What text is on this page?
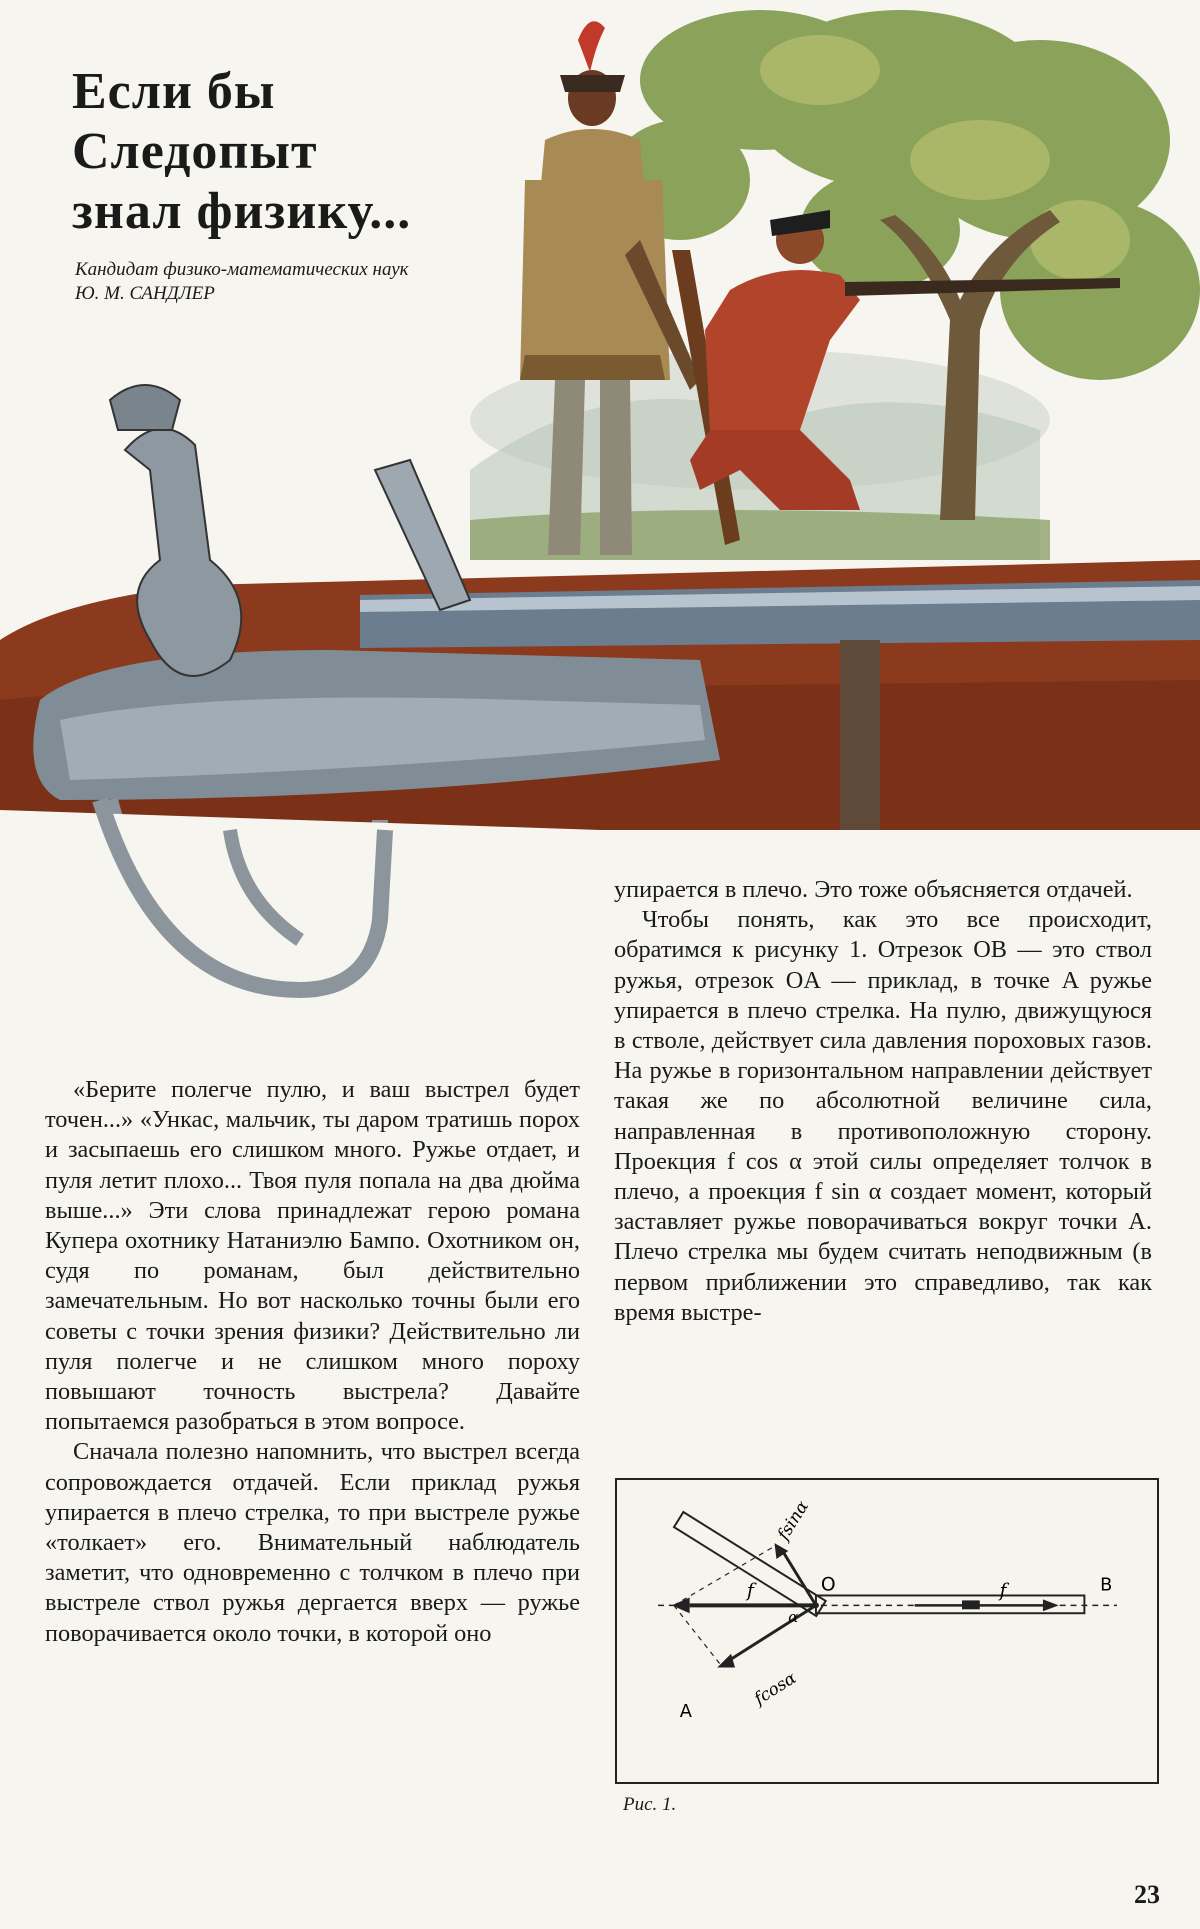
Если бы
Следопыт
знал физику...
Кандидат физико-математических наук
Ю. М. САНДЛЕР

«Берите полегче пулю, и ваш выстрел будет точен...» «Ункас, мальчик, ты даром тратишь порох и засыпаешь его слишком много. Ружье отдает, и пуля летит плохо... Твоя пуля попала на два дюйма выше...» Эти слова принадлежат герою романа Купера охотнику Натаниэлю Бампо. Охотником он, судя по романам, был действительно замечательным. Но вот насколько точны были его советы с точки зрения физики? Действительно ли пуля полегче и не слишком много пороху повышают точность выстрела? Давайте попытаемся разобраться в этом вопросе.

Сначала полезно напомнить, что выстрел всегда сопровождается отдачей. Если приклад ружья упирается в плечо стрелка, то при выстреле ружье «толкает» его. Внимательный наблюдатель заметит, что одновременно с толчком в плечо при выстреле ствол ружья дергается вверх — ружье поворачивается около точки, в которой оно

упирается в плечо. Это тоже объясняется отдачей.

Чтобы понять, как это все происходит, обратимся к рисунку 1. Отрезок OB — это ствол ружья, отрезок OA — приклад, в точке A ружье упирается в плечо стрелка. На пулю, движущуюся в стволе, действует сила давления пороховых газов. На ружье в горизонтальном направлении действует такая же по абсолютной величине сила, направленная в противоположную сторону. Проекция f cos α этой силы определяет толчок в плечо, а проекция f sin α создает момент, который заставляет ружье поворачиваться вокруг точки A. Плечо стрелка мы будем считать неподвижным (в первом приближении это справедливо, так как время выстре-

fsinα
fcosα
f	f
α
O	B
A
Рис. 1.
23
